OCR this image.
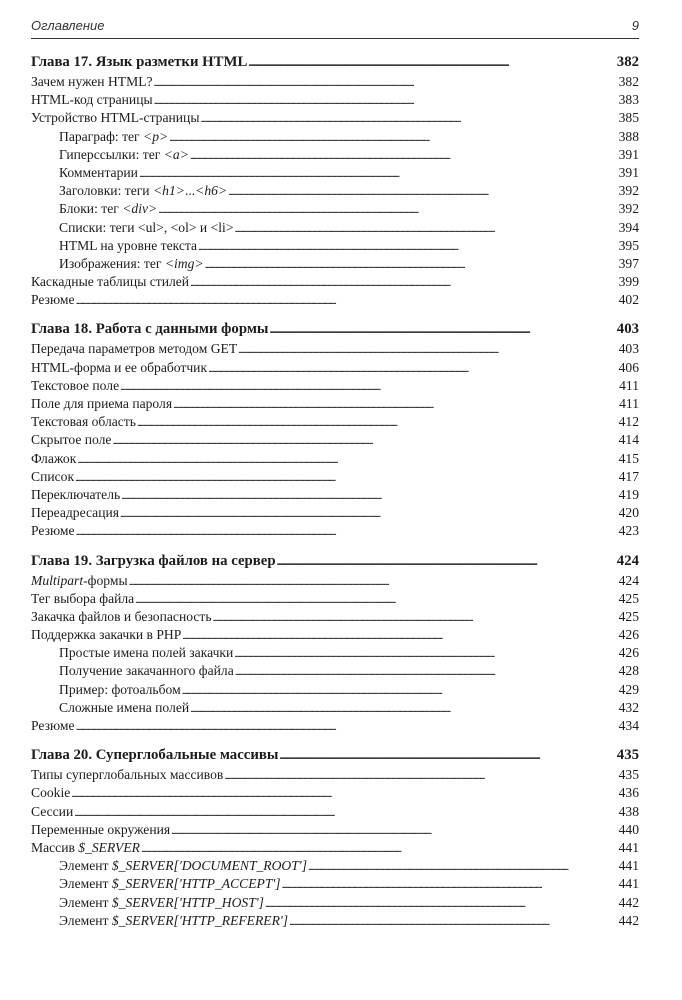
Оглавление	9
Глава 17. Язык разметки HTML . . .	382
Зачем нужен HTML? . . .	382
HTML-код страницы . . .	383
Устройство HTML-страницы . . .	385
Параграф: тег <p> . . .	388
Гиперссылки: тег <a> . . .	391
Комментарии . . .	391
Заголовки: теги <h1>...<h6> . . .	392
Блоки: тег <div> . . .	392
Списки: теги <ul>, <ol> и <li> . . .	394
HTML на уровне текста . . .	395
Изображения: тег <img> . . .	397
Каскадные таблицы стилей . . .	399
Резюме . . .	402
Глава 18. Работа с данными формы . . .	403
Передача параметров методом GET . . .	403
HTML-форма и ее обработчик . . .	406
Текстовое поле . . .	411
Поле для приема пароля . . .	411
Текстовая область . . .	412
Скрытое поле . . .	414
Флажок . . .	415
Список . . .	417
Переключатель . . .	419
Переадресация . . .	420
Резюме . . .	423
Глава 19. Загрузка файлов на сервер . . .	424
Multipart-формы . . .	424
Тег выбора файла . . .	425
Закачка файлов и безопасность . . .	425
Поддержка закачки в PHP . . .	426
Простые имена полей закачки . . .	426
Получение закачанного файла . . .	428
Пример: фотоальбом . . .	429
Сложные имена полей . . .	432
Резюме . . .	434
Глава 20. Суперглобальные массивы . . .	435
Типы суперглобальных массивов . . .	435
Cookie . . .	436
Сессии . . .	438
Переменные окружения . . .	440
Массив $_SERVER . . .	441
Элемент $_SERVER['DOCUMENT_ROOT'] . . .	441
Элемент $_SERVER['HTTP_ACCEPT'] . . .	441
Элемент $_SERVER['HTTP_HOST'] . . .	442
Элемент $_SERVER['HTTP_REFERER'] . . .	442
